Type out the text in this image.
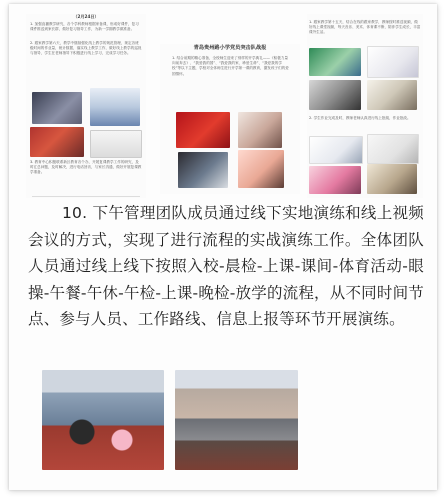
（2月24日）

1. 加强直播教学研究，各个学科教师根据家备课，形成好课件，复习课件推送到家长群，做好复习指导工作，为新一学期教学做准备。

2. 跟家教学第六天，教学中继续强化线上教学的规范管理，规定各班级时间的作业量，统计数据，落实线上教学工作，做好线上教学的巡视与指导，学生在老师指导下积极进行线上学习，完成学习任务。

3. 教育中心积极联系新区教育各个办，开展复课教学工作的研究，及时汇总问题，及时解决，进行电话回访，与家长沟通，做好开展复课教学准备。

青岛贵州路小学党员突击队战报

1. 结合前期的精心准备，全校师生迎来了别样的开学典礼——《积极力量 向前奔去》、“我爱我的国”、“我爱我的家、珍爱生命”、“我爱我的学校”等以下主题，学校对全体师生进行开学第一课的教育，激发孩子们的爱国情怀。

1. 跟家教学第十五天，结合在线的跟家教学，教师按时推送视频，做好线上课堂视频，每天音乐、美术、体育课不断，陪伴学生成长，丰富课外生活。

2. 学生作业完成及时，教师老师认真进行线上批阅，作业批改。

10. 下午管理团队成员通过线下实地演练和线上视频会议的方式，实现了进行流程的实战演练工作。全体团队人员通过线上线下按照入校-晨检-上课-课间-体育活动-眼操-午餐-午休-午检-上课-晚检-放学的流程，从不同时间节点、参与人员、工作路线、信息上报等环节开展演练。
